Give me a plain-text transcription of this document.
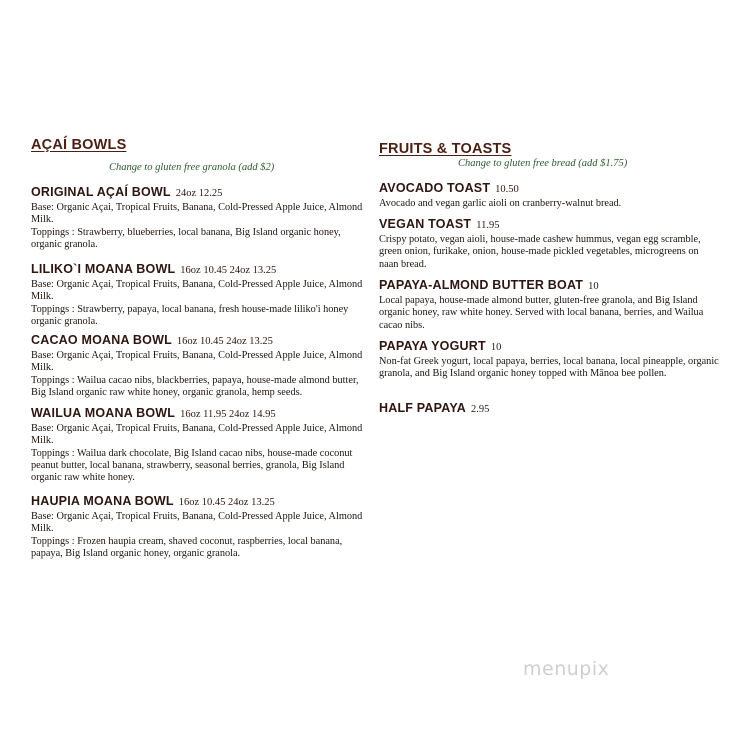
AÇAÍ BOWLS
Change to gluten free granola (add $2)
ORIGINAL AÇAÍ BOWL 24oz 12.25
Base: Organic Açai, Tropical Fruits, Banana, Cold-Pressed Apple Juice, Almond Milk.
Toppings : Strawberry, blueberries, local banana, Big Island organic honey, organic granola.
LILIKO`I MOANA BOWL 16oz 10.45 24oz 13.25
Base: Organic Açai, Tropical Fruits, Banana, Cold-Pressed Apple Juice, Almond Milk.
Toppings : Strawberry, papaya, local banana, fresh house-made liliko'i honey organic granola.
CACAO MOANA BOWL 16oz 10.45 24oz 13.25
Base: Organic Açai, Tropical Fruits, Banana, Cold-Pressed Apple Juice, Almond Milk.
Toppings : Wailua cacao nibs, blackberries, papaya, house-made almond butter, Big Island organic raw white honey, organic granola, hemp seeds.
WAILUA MOANA BOWL 16oz 11.95 24oz 14.95
Base: Organic Açai, Tropical Fruits, Banana, Cold-Pressed Apple Juice, Almond Milk.
Toppings : Wailua dark chocolate, Big Island cacao nibs, house-made coconut peanut butter, local banana, strawberry, seasonal berries, granola, Big Island organic raw white honey.
HAUPIA MOANA BOWL 16oz 10.45 24oz 13.25
Base: Organic Açai, Tropical Fruits, Banana, Cold-Pressed Apple Juice, Almond Milk.
Toppings : Frozen haupia cream, shaved coconut, raspberries, local banana, papaya, Big Island organic honey, organic granola.
FRUITS & TOASTS
Change to gluten free bread (add $1.75)
AVOCADO TOAST 10.50
Avocado and vegan garlic aioli on cranberry-walnut bread.
VEGAN TOAST 11.95
Crispy potato, vegan aioli, house-made cashew hummus, vegan egg scramble, green onion, furikake, onion, house-made pickled vegetables, microgreens on naan bread.
PAPAYA-ALMOND BUTTER BOAT 10
Local papaya, house-made almond butter, gluten-free granola, and Big Island organic honey, raw white honey. Served with local banana, berries, and Wailua cacao nibs.
PAPAYA YOGURT 10
Non-fat Greek yogurt, local papaya, berries, local banana, local pineapple, organic granola, and Big Island organic honey topped with Mānoa bee pollen.
HALF PAPAYA 2.95
menupix
